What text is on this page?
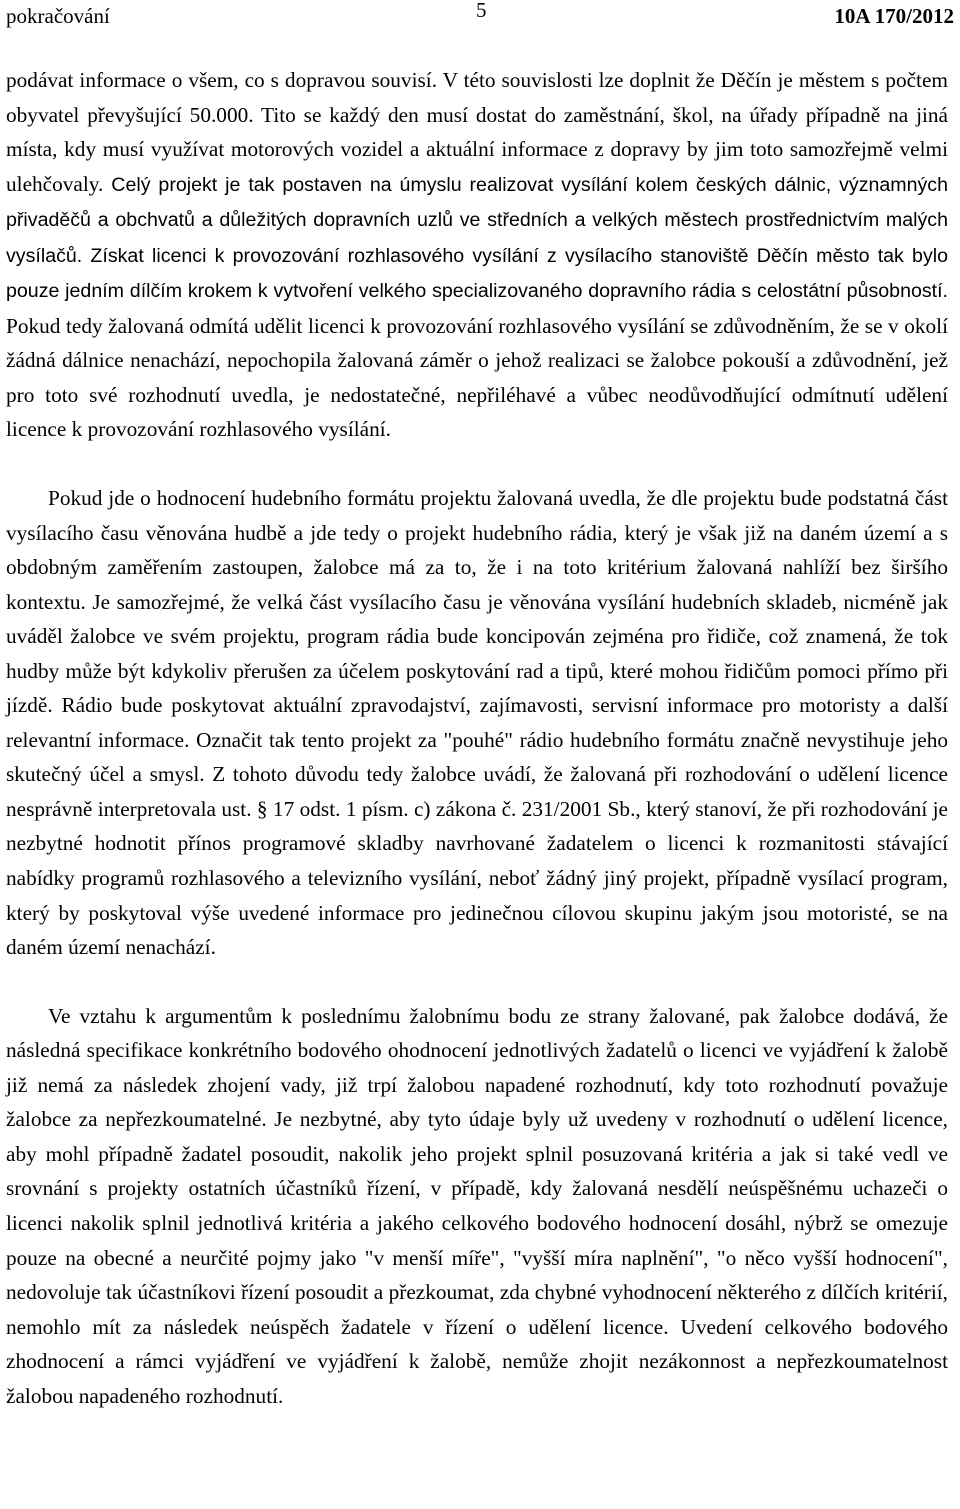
pokračování	5	10A 170/2012

podávat informace o všem, co s dopravou souvisí. V této souvislosti lze doplnit že Děčín je městem s počtem obyvatel převyšující 50.000. Tito se každý den musí dostat do zaměstnání, škol, na úřady případně na jiná místa, kdy musí využívat motorových vozidel a aktuální informace z dopravy by jim toto samozřejmě velmi ulehčovaly. Celý projekt je tak postaven na úmyslu realizovat vysílání kolem českých dálnic, významných přivaděčů a obchvatů a důležitých dopravních uzlů ve středních a velkých městech prostřednictvím malých vysílačů. Získat licenci k provozování rozhlasového vysílání z vysílacího stanoviště Děčín město tak bylo pouze jedním dílčím krokem k vytvoření velkého specializovaného dopravního rádia s celostátní působností. Pokud tedy žalovaná odmítá udělit licenci k provozování rozhlasového vysílání se zdůvodněním, že se v okolí žádná dálnice nenachází, nepochopila žalovaná záměr o jehož realizaci se žalobce pokouší a zdůvodnění, jež pro toto své rozhodnutí uvedla, je nedostatečné, nepřiléhavé a vůbec neodůvodňující odmítnutí udělení licence k provozování rozhlasového vysílání.

Pokud jde o hodnocení hudebního formátu projektu žalovaná uvedla, že dle projektu bude podstatná část vysílacího času věnována hudbě a jde tedy o projekt hudebního rádia, který je však již na daném území a s obdobným zaměřením zastoupen, žalobce má za to, že i na toto kritérium žalovaná nahlíží bez širšího kontextu. Je samozřejmé, že velká část vysílacího času je věnována vysílání hudebních skladeb, nicméně jak uváděl žalobce ve svém projektu, program rádia bude koncipován zejména pro řidiče, což znamená, že tok hudby může být kdykoliv přerušen za účelem poskytování rad a tipů, které mohou řidičům pomoci přímo při jízdě. Rádio bude poskytovat aktuální zpravodajství, zajímavosti, servisní informace pro motoristy a další relevantní informace. Označit tak tento projekt za "pouhé" rádio hudebního formátu značně nevystihuje jeho skutečný účel a smysl. Z tohoto důvodu tedy žalobce uvádí, že žalovaná při rozhodování o udělení licence nesprávně interpretovala ust. § 17 odst. 1 písm. c) zákona č. 231/2001 Sb., který stanoví, že při rozhodování je nezbytné hodnotit přínos programové skladby navrhované žadatelem o licenci k rozmanitosti stávající nabídky programů rozhlasového a televizního vysílání, neboť žádný jiný projekt, případně vysílací program, který by poskytoval výše uvedené informace pro jedinečnou cílovou skupinu jakým jsou motoristé, se na daném území nenachází.

Ve vztahu k argumentům k poslednímu žalobnímu bodu ze strany žalované, pak žalobce dodává, že následná specifikace konkrétního bodového ohodnocení jednotlivých žadatelů o licenci ve vyjádření k žalobě již nemá za následek zhojení vady, již trpí žalobou napadené rozhodnutí, kdy toto rozhodnutí považuje žalobce za nepřezkoumatelné. Je nezbytné, aby tyto údaje byly už uvedeny v rozhodnutí o udělení licence, aby mohl případně žadatel posoudit, nakolik jeho projekt splnil posuzovaná kritéria a jak si také vedl ve srovnání s projekty ostatních účastníků řízení, v případě, kdy žalovaná nesdělí neúspěšnému uchazeči o licenci nakolik splnil jednotlivá kritéria a jakého celkového bodového hodnocení dosáhl, nýbrž se omezuje pouze na obecné a neurčité pojmy jako "v menší míře", "vyšší míra naplnění", "o něco vyšší hodnocení", nedovoluje tak účastníkovi řízení posoudit a přezkoumat, zda chybné vyhodnocení některého z dílčích kritérií, nemohlo mít za následek neúspěch žadatele v řízení o udělení licence. Uvedení celkového bodového zhodnocení a rámci vyjádření ve vyjádření k žalobě, nemůže zhojit nezákonnost a nepřezkoumatelnost žalobou napadeného rozhodnutí.
